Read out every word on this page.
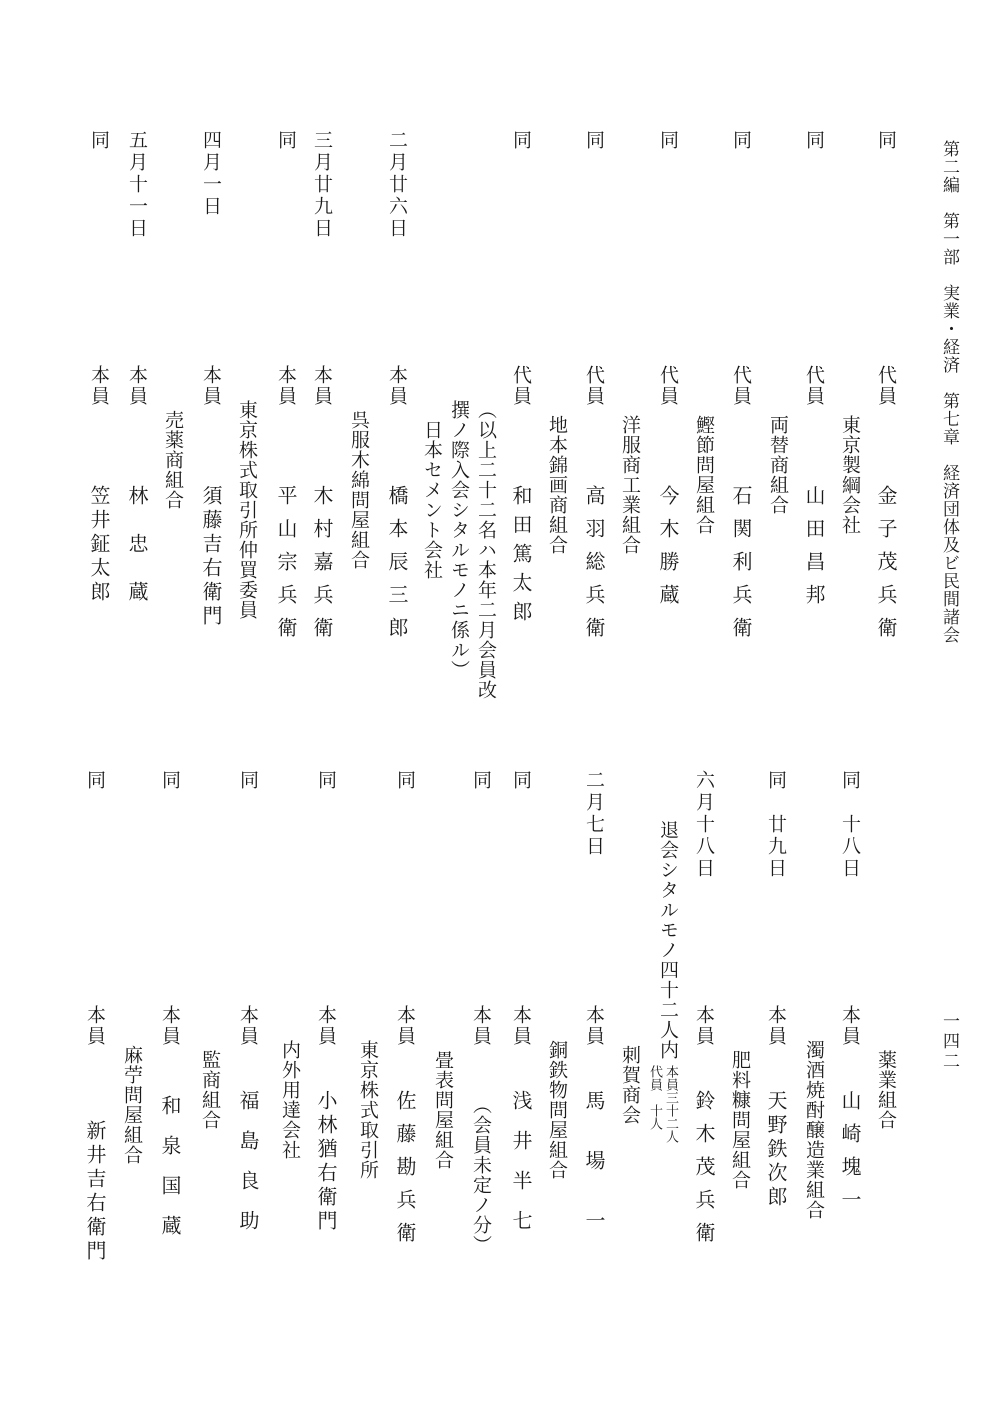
第二編　第一部　実業・経済　第七章　経済団体及ビ民間諸会
一四二
同
代員
金子茂兵衛
東京製綱会社
同
代員
山田昌邦
両替商組合
同
代員
石関利兵衛
鰹節問屋組合
同
代員
今木勝蔵
洋服商工業組合
同
代員
高羽総兵衛
地本錦画商組合
同
代員
和田篤太郎
（以上二十二名ハ本年二月会員改
撰ノ際入会シタルモノニ係ル）
日本セメント会社
二月廿六日
本員
橋本辰三郎
呉服木綿問屋組合
三月廿九日
本員
木村嘉兵衛
同
本員
平山宗兵衛
東京株式取引所仲買委員
四月一日
本員
須藤吉右衛門
売薬商組合
五月十一日
本員
林　忠　蔵
同
本員
笠井鉦太郎
薬業組合
同　十八日
本員
山崎塊一
濁酒焼酎醸造業組合
同　廿九日
本員
天野鉄次郎
肥料糠問屋組合
六月十八日
本員
鈴木茂兵衛
退会シタルモノ四十二人内
本員三十二人
代員　十人
刺賀商会
二月七日
本員
馬場一
銅鉄物問屋組合
同
本員
浅井半七
同
本員
（会員未定ノ分）
畳表問屋組合
同
本員
佐藤勘兵衛
東京株式取引所
同
本員
小林猶右衛門
内外用達会社
同
本員
福島良助
監商組合
同
本員
和泉国蔵
麻苧問屋組合
同
本員
新井吉右衛門
